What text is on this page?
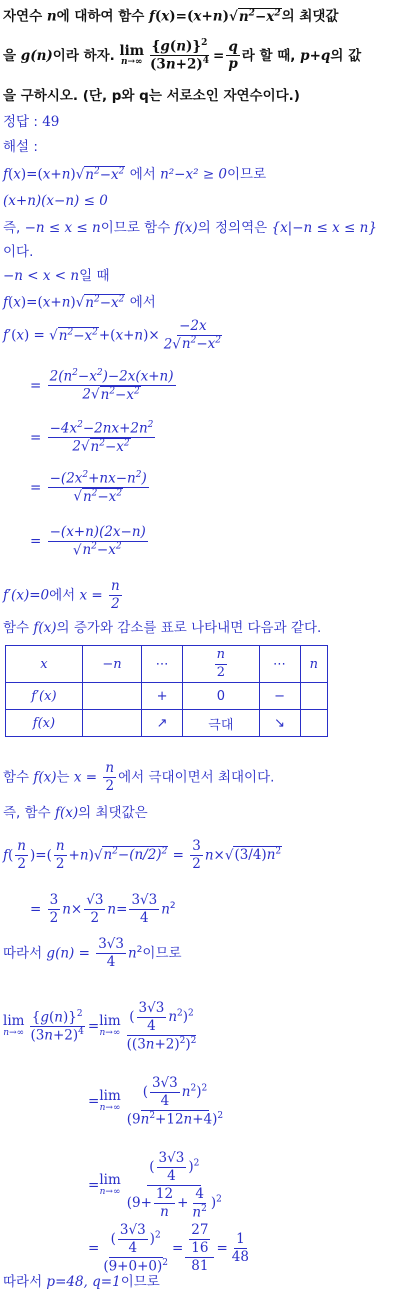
자연수 n에 대하여 함수 $f(x)=(x+n)√n^2-x^2$의 최댓값
을 g(n)이라 하자. lim
$n\to\infty \frac{\{g(n)\}^2}{(3n+2)^4} = \frac{q}{p}$ 라 할 때, p+q의 값
을 구하시오. (단, p와 q는 서로소인 자연수이다.)
정답 : 49
해설 :
$f(x)=(x+n)√n^2-x^2$ 에서 n²−x² ≥ 0이므로
(x+n)(x−n) ≤ 0
즉, −n ≤ x ≤ n이므로 함수 f(x)의 정의역은 {x|−n ≤ x ≤ n}
이다.
−n < x < n일 때
$f(x)=(x+n)√n^2-x^2$ 에서
$f'(x) = √n^2-x^2+(x+n)\times \frac{-2x}{2√n^2-x^2}$
= $\frac{2(n^2-x^2)-2x(x+n)}{2√n^2-x^2}$
= $\frac{-4x^2-2nx+2n^2}{2√n^2-x^2}$
= $\frac{-(2x^2+nx-n^2)}{√n^2-x^2}$
= $\frac{-(x+n)(2x-n)}{√n^2-x^2}$
f′(x)=0에서 $x = \frac{n}{2}$
함수 f(x)의 증가와 감소를 표로 나타내면 다음과 같다.
x	−n	⋯	$\frac{n}{2}$	⋯	n
f′(x)		+	0	−	
f(x)		↗	극대	↘	
함수 f(x)는 $x = \frac{n}{2}$ 에서 극대이면서 최대이다.
즉, 함수 f(x)의 최댓값은
$f( \frac{n}{2}$ )=( $\frac{n}{2} +n)√n^2-(n/2)^2 = \frac{3}{2} n\times√(3/4)n^2$
= $\frac{3}{2} n\times \frac{√3}{2} n= \frac{3√3}{4} n^2$
따라서 $g(n) = \frac{3√3}{4} n^2$이므로
lim
$n\to\infty \frac{\{g(n)\}^2}{(3n+2)^4} = \lim$
$n\to\infty \frac{( \frac{3√3}{4} n^2)^2}{((3n+2)^2)^2}$
= lim
$n\to\infty \frac{( \frac{3√3}{4} n^2)^2}{(9n^2+12n+4)^2}$
= lim
$n\to\infty \frac{( \frac{3√3}{4} )^2}{(9+ \frac{12}{n} + \frac{4}{n^2} )^2}$
= $\frac{( \frac{3√3}{4} )^2}{(9+0+0)^2} = \frac{\frac{27}{16}}{81} = \frac{1}{48}$
따라서 p=48, q=1이므로
